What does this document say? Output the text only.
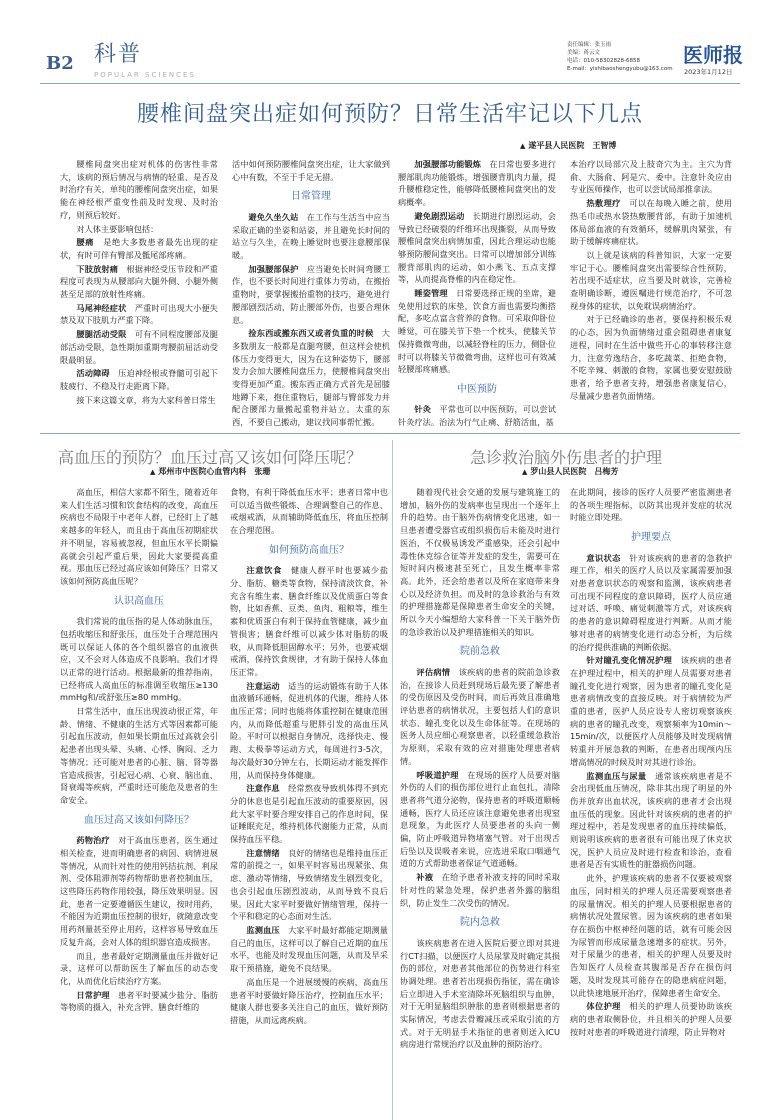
B2 科普
POPULAR SCIENCES
责任编辑：张玉雨
美编：蒋云文
电话：010-58302828-6858
E-mail：yishibaoshengyubu@163.com
医师报
2023年1月12日
腰椎间盘突出症如何预防？日常生活牢记以下几点
▲ 遂平县人民医院　王智博

腰椎间盘突出症对机体的伤害性非常大，该病的预后情况与病情的轻重、是否及时治疗有关，单纯的腰椎间盘突出症，如果能在神经根严重变性前及时发现、及时治疗，则预后较好。

对人体主要影响包括：

腰痛　是绝大多数患者最先出现的症状，有时可伴有臀部及骶尾部疼痛。

下肢放射痛　根据神经受压节段和严重程度可表现为从腰部向大腿外侧、小腿外侧甚至足部的放射性疼痛。

马尾神经症状　严重时可出现大小便失禁及双下肢肌力严重下降。

腰腿活动受限　可有不同程度腰部及腿部活动受限，急性期加重期弯腰前屈活动受限最明显。

活动障碍　压迫神经根或脊髓可引起下肢疲行、不稳及行走距离下降。

接下来这篇文章，将为大家科普日常生

活中如何预防腰椎间盘突出症，让大家做到心中有数，不至于手足无措。

日常管理

避免久坐久站　在工作与生活当中应当采取正确的坐姿和站姿，并且避免长时间的站立与久坐，在晚上睡觉时也要注意腰部保暖。

加强腰部保护　应当避免长时间弯腰工作，也不要长时间进行重体力劳动，在搬抬重物时，要掌握搬抬重物的技巧，避免进行腰部剧烈活动，防止腰部外伤，也要合理休息。

捡东西或搬东西又或者负重的时候　大多数朋友一般都是直腿弯腰，但这样会使机体压力变得更大，因为在这种姿势下，腰部发力会加大腰椎间盘压力，使腰椎间盘突出变得更加严重。搬东西正确方式首先是屈膝地蹲下来，抱住重物后，腿部与臀部发力并配合腰部力量搬起重物并站立。太重的东西，不要自己搬动，建议找同事帮忙搬。

加强腰部功能锻炼　在日常也要多进行腰部肌肉功能锻炼，增强腰背肌肉力量，提升腰椎稳定性，能够降低腰椎间盘突出的发病概率。

避免剧烈运动　长期进行剧烈运动，会导致已经破裂的纤维环出现撕裂，从而导致腰椎间盘突出病情加重，因此合理运动也能够预防腰间盘突出。日常可以增加部分训练腰背部肌肉的运动，如小燕飞、五点支撑等，从而提高脊椎的内在稳定性。

睡姿管理　日常要选择正规的坐席，避免使用过软的床垫，饮食方面也需要均衡搭配，多吃点富含营养的食物。可采取仰卧位睡觉，可在膝关节下垫一个枕头，使膝关节保持微微弯曲，以减轻脊柱的压力，侧卧位时可以将膝关节微微弯曲，这样也可有效减轻腰部疼痛感。

中医预防

针灸　平常也可以中医预防，可以尝试针灸疗法。治法为行气止痛、舒筋活血，基

本治疗以局部穴及上肢奇穴为主。主穴为背俞、大肠俞、阿是穴、委中。注意针灸应由专业医师操作，也可以尝试局部推拿法。

热敷理疗　可以在每晚入睡之前，使用热毛巾或热水袋热敷腰背部，有助于加速机体局部血液的有效循环，缓解肌肉紧张，有助于缓解疼痛症状。

以上就是该病的科普知识，大家一定要牢记于心。腰椎间盘突出需要综合性预防，若出现不适症状，应当要及时就诊，完善检查明确诊断，遵医嘱进行规范治疗，不可忽视身体的症状，以免耽误病情治疗。

对于已经确诊的患者，要保持积极乐观的心态，因为负面情绪过重会阻碍患者康复进程，同时在生活中做些开心的事转移注意力，注意劳逸结合，多吃蔬菜、拒绝食物，不吃辛辣、刺激的食物，家属也要安慰鼓励患者，给予患者支持，增强患者康复信心，尽量减少患者负面情绪。

高血压的预防？血压过高又该如何降压呢？
▲ 郑州市中医院心血管内科　张珊

高血压，相信大家都不陌生，随着近年来人们生活习惯和饮食结构的改变，高血压疾病也不局限于中老年人群，已经盯上了越来越多的年轻人，而且由于高血压初期症状并不明显，容易被忽视，但血压水平长期偏高就会引起严重后果，因此大家要提高重视。那血压已经过高应该如何降压？日常又该如何预防高血压呢？

认识高血压

我们常说的血压指的是人体动脉血压，包括收缩压和舒张压，血压处于合理范围内既可以保证人体的各个组织器官的血液供应，又不会对人体造成不良影响。我们才得以正常的进行活动。根据最新的推荐指南，已经将成人高血压的标准调至收缩压≥130 mmHg和/或舒张压≥80 mmHg。

日常生活中，血压出现波动很正常，年龄、情绪、不健康的生活方式等因素都可能引起血压波动，但如果长期血压过高就会引起患者出现头晕、头痛、心悸、胸闷、乏力等情况；还可能对患者的心脏、脑、肾等器官造成损害，引起冠心病、心衰、脑出血、肾衰竭等疾病，严重时还可能危及患者的生命安全。

血压过高又该如何降压？

药物治疗　对于高血压患者，医生通过相关检查，进而明确患者的病因、病情进展等情况，从而针对性的使用钙拮抗剂、利尿剂、受体阻滞剂等药物帮助患者控制血压，这些降压药物作用较强，降压效果明显。因此，患者一定要遵循医生建议，按时用药，不能因为近期血压控制的很好，就随意改变用药剂量甚至停止用药，这样容易导致血压反复升高，会对人体的组织器官造成损害。

而且，患者最好定期测量血压并做好记录，这样可以帮助医生了解血压的动态变化，从而优化后续治疗方案。

日常护理　患者平时要减少盐分、脂肪等物质的摄入，补充含钾、膳食纤维的

食物，有利于降低血压水平；患者日常中也可以适当做些锻炼、合理调整自己的作息、戒烟戒酒，从而辅助降低血压，将血压控制在合理范围。

如何预防高血压？

注意饮食　健康人群平时也要减少盐分、脂肪、糖类等食物，保持清淡饮食，补充含有维生素、膳食纤维以及优质蛋白等食物，比如香蕉、豆类、鱼肉、粗粮等，维生素和优质蛋白有利于保持血管健康，减少血管损害；膳食纤维可以减少体对脂肪的吸收，从而降低胆固醇水平；另外，也要戒烟戒酒，保持饮食规律，才有助于保持人体血压正常。

注意运动　适当的运动锻炼有助于人体血液循环通畅，促进机体的代谢，维持人体血压正常；同时也能将体重控制在健康范围内，从而降低超重与肥胖引发的高血压风险。平时可以根据自身情况，选择快走、慢跑、太极拳等运动方式，每周进行3-5次，每次最好30分钟左右，长期运动才能发挥作用，从而保持身体健康。

注意作息　经常熬夜导致机体得不到充分的休息也是引起血压波动的重要原因，因此大家平时要合理安排自己的作息时间，保证睡眠充足，维持机体代谢能力正常，从而保持血压平稳。

注意情绪　良好的情绪也是维持血压正常的前提之一，如果平时容易出现紧张、焦虑、激动等情绪，导致情绪发生剧烈变化，也会引起血压剧烈波动，从而导致不良后果。因此大家平时要做好情绪管理，保持一个平和稳定的心态面对生活。

监测血压　大家平时最好都能定期测量自己的血压，这样可以了解自己近期的血压水平，也能及时发现血压问题，从而及早采取干预措施，避免不良结果。

高血压是一个进展缓慢的疾病，高血压患者平时要做好降压治疗，控制血压水平；健康人群也要多关注自己的血压，做好预防措施，从而远离疾病。

急诊救治脑外伤患者的护理
▲ 罗山县人民医院　吕梅芳

随着现代社会交通的发展与建筑施工的增加，脑外伤的发病率也呈现出一个逐年上升的趋势。由于脑外伤病情变化迅速，如一旦患者遭受器官或组织损伤后未能及时进行医治，不仅极易诱发严重感染，还会引起中毒性休克综合征等并发症的发生，需要可在短时间内极速甚至死亡，且发生概率非常高。此外，还会给患者以及所在家庭带来身心以及经济负担。而及时的急诊救治与有效的护理措施都是保障患者生命安全的关键，所以今天小编想给大家科普一下关于脑外伤的急诊救治以及护理措施相关的知识。

院前急救

评估病情　该疾病的患者的院前急诊救治，在接诊人员赶到现场后最先要了解患者的受伤原因及受伤时间，而后再效且准确地评估患者的病情状况，主要包括人们的意识状态、瞳孔变化以及生命体征等。在现场的医务人员应细心观察患者，以轻重缓急救治为原则，采取有效的应对措施处理患者病情。

呼吸道护理　在现场的医疗人员要对脑外伤的人们的损伤部位进行止血包扎，清除患者将气道分泌物，保持患者的呼吸道顺畅通畅，医疗人员还应该注意避免患者出现窒息现象，为此医疗人员要患者的头向一侧偏，防止呼吸道异物堵塞气管。对于出现舌后坠以及误吸者来说，应选进采取口咽通气道的方式帮助患者保证气道通畅。

补液　在给予患者补液支持的同时采取针对性的紧急处理，保护患者外露的脑组织，防止发生二次受伤的情况。

院内急救

该疾病患者在进入医院后要立即对其进行CT扫描，以便医疗人员尿掌及时确定其损伤的部位，对患者其他部位的伤势进行科室协调处理。患者若出现损伤指征，需在确诊后立即进入手术室清除坏死脑组织与血肿，对于无明显脑组织肿胀的患者则根据患者的实际情况，考虑去骨瓣减压或采取引流的方式。对于无明显手术指征的患者则送入ICU病房进行常规治疗以及血肿的预防治疗。

在此期间，接诊的医疗人员要严密监测患者的各项生理指标，以防其出现并发症的状况时能立即处理。

护理要点

意识状态　针对该疾病的患者的急救护理工作，相关的医疗人员以及家属需要加强对患者意识状态的观察和监测，该疾病患者可出现不同程度的意识障碍，医疗人员应通过对话、呼唤、痛觉刺激等方式，对该疾病的患者的意识障碍程度进行判断。从而才能够对患者的病情变化进行动态分析，为后续的治疗提供准确的判断依据。

针对瞳孔变化情况护理　该疾病的患者在护理过程中，相关的护理人员需要对患者瞳孔变化进行观察，因为患者的瞳孔变化是患者病情改变的直接反映。对于病情较为严重的患者，医护人员应设专人密切观察该疾病的患者的瞳孔改变，观察频率为10min～15min/次，以便医疗人员能够及时发现病情转重并开展急救的判断，在患者出现颅内压增高情况的时候及时对其进行诊治。

监测血压与尿量　通常该疾病患者是不会出现低血压情况，除非其出现了明显的外伤并放弃出血状况，该疾病的患者才会出现血压低的现象。因此针对该疾病的患者的护理过程中，若是发现患者的血压持续偏低，则说明该疾病的患者很有可能出现了休克状况，医护人员应及时进行检查和诊治，查看患者是否有实质性的脏器损伤问题。

此外，护理该疾病的患者不仅要被观察血压，同时相关的护理人员还需要观察患者的尿量情况。相关的护理人员要根据患者的病情状况处置尿管。因为该疾病的患者如果存在损伤中枢神经问题的话，就有可能会因为尿管而形成尿量急速增多的症状。另外，对于尿量少的患者，相关的护理人员要及时告知医疗人员检查其腹部是否存在损伤问题，及时发现其可能存在的隐患病症问题，以此快速地展开治疗，保障患者生命安全。

体位护理　相关的护理人员要协助该疾病的患者取侧卧位，并且相关的护理人员要按时对患者的呼吸道进行清理，防止异物对
